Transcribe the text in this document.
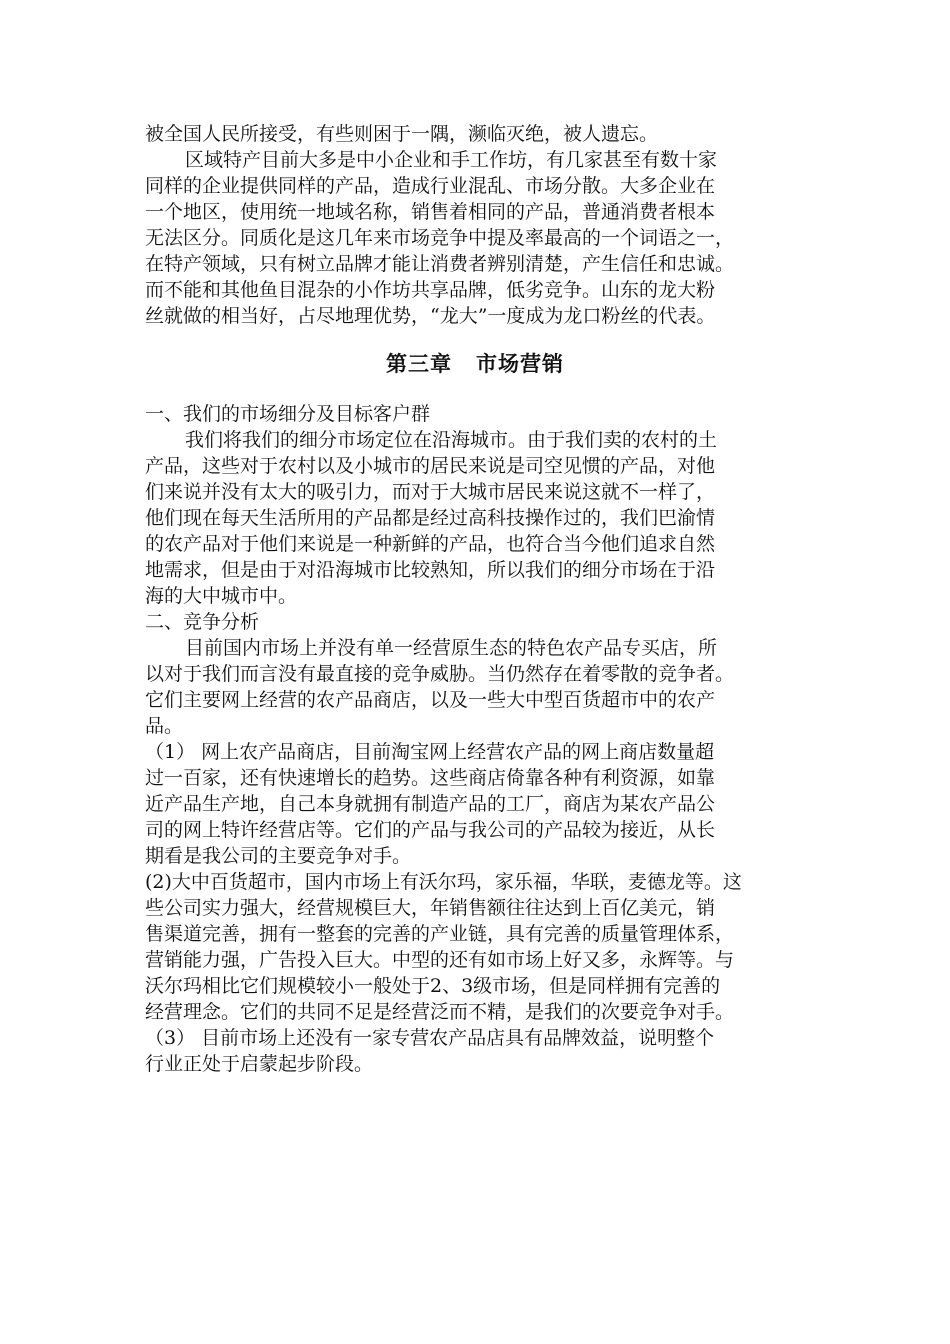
被全国人民所接受，有些则困于一隅，濒临灭绝，被人遗忘。
区域特产目前大多是中小企业和手工作坊，有几家甚至有数十家
同样的企业提供同样的产品，造成行业混乱、市场分散。大多企业在
一个地区，使用统一地域名称，销售着相同的产品，普通消费者根本
无法区分。同质化是这几年来市场竞争中提及率最高的一个词语之一，
在特产领域，只有树立品牌才能让消费者辨别清楚，产生信任和忠诚。
而不能和其他鱼目混杂的小作坊共享品牌，低劣竞争。山东的龙大粉
丝就做的相当好，占尽地理优势，“龙大”一度成为龙口粉丝的代表。
第三章 市场营销
一、我们的市场细分及目标客户群
我们将我们的细分市场定位在沿海城市。由于我们卖的农村的土
产品，这些对于农村以及小城市的居民来说是司空见惯的产品，对他
们来说并没有太大的吸引力，而对于大城市居民来说这就不一样了，
他们现在每天生活所用的产品都是经过高科技操作过的，我们巴渝情
的农产品对于他们来说是一种新鲜的产品，也符合当今他们追求自然
地需求，但是由于对沿海城市比较熟知，所以我们的细分市场在于沿
海的大中城市中。
二、竞争分析
目前国内市场上并没有单一经营原生态的特色农产品专买店，所
以对于我们而言没有最直接的竞争威胁。当仍然存在着零散的竞争者。
它们主要网上经营的农产品商店，以及一些大中型百货超市中的农产
品。
（1） 网上农产品商店，目前淘宝网上经营农产品的网上商店数量超
过一百家，还有快速增长的趋势。这些商店倚靠各种有利资源，如靠
近产品生产地，自己本身就拥有制造产品的工厂，商店为某农产品公
司的网上特许经营店等。它们的产品与我公司的产品较为接近，从长
期看是我公司的主要竞争对手。
(2)大中百货超市，国内市场上有沃尔玛，家乐福，华联，麦德龙等。这
些公司实力强大，经营规模巨大，年销售额往往达到上百亿美元，销
售渠道完善，拥有一整套的完善的产业链，具有完善的质量管理体系，
营销能力强，广告投入巨大。中型的还有如市场上好又多，永辉等。与
沃尔玛相比它们规模较小一般处于2、3级市场，但是同样拥有完善的
经营理念。它们的共同不足是经营泛而不精，是我们的次要竞争对手。
（3） 目前市场上还没有一家专营农产品店具有品牌效益，说明整个
行业正处于启蒙起步阶段。
